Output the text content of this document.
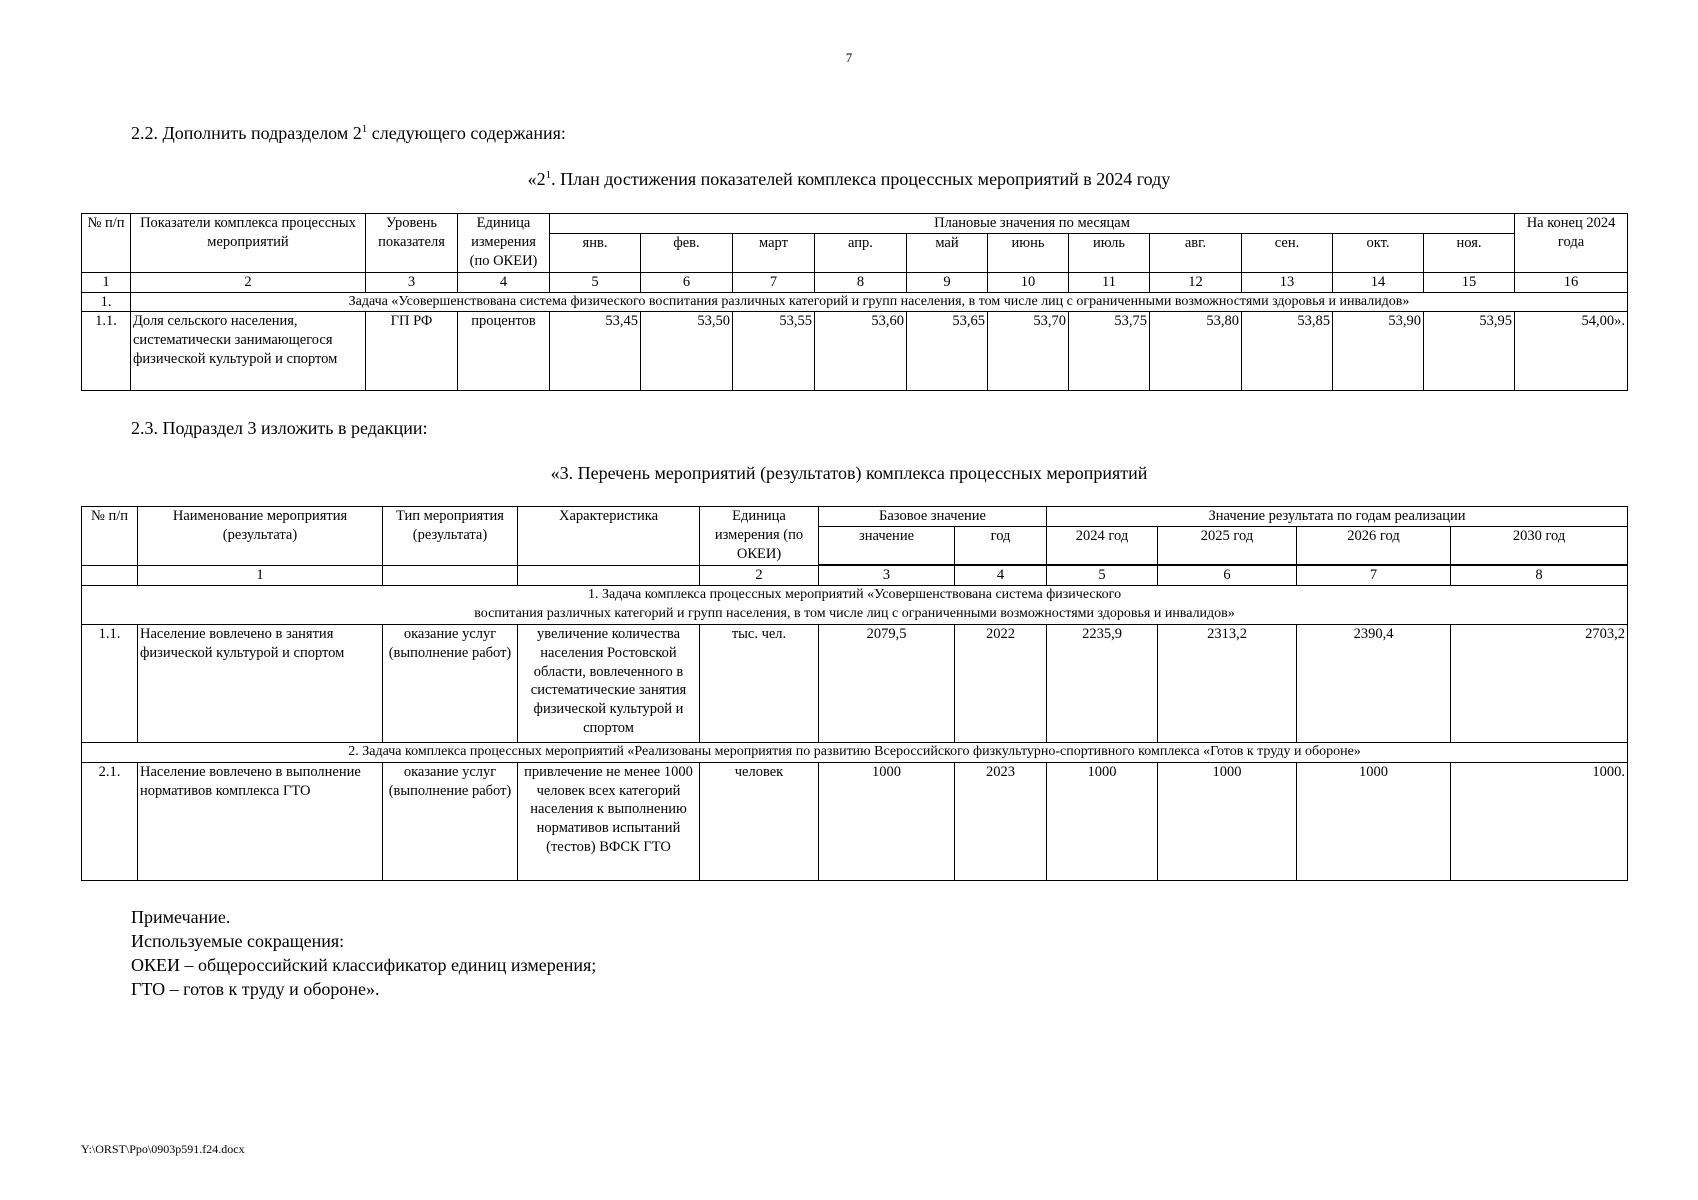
7
2.2. Дополнить подразделом $2^1$ следующего содержания:
«$2^1$. План достижения показателей комплекса процессных мероприятий в 2024 году
№ п/п	Показатели комплекса процессных мероприятий	Уровень показателя	Единица измерения (по ОКЕИ)	Плановые значения по месяцам											На конец 2024 года
				янв.	фев.	март	апр.	май	июнь	июль	авг.	сен.	окт.	ноя.	
1	2	3	4	5	6	7	8	9	10	11	12	13	14	15	16
1.	Задача «Усовершенствована система физического воспитания различных категорий и групп населения, в том числе лиц с ограниченными возможностями здоровья и инвалидов»														
1.1.	Доля сельского населения, систематически занимающегося физической культурой и спортом	ГП РФ	процентов	53,45	53,50	53,55	53,60	53,65	53,70	53,75	53,80	53,85	53,90	53,95	54,00».
2.3. Подраздел 3 изложить в редакции:
«3. Перечень мероприятий (результатов) комплекса процессных мероприятий
№ п/п	Наименование мероприятия (результата)	Тип мероприятия (результата)	Характеристика	Единица измерения (по ОКЕИ)	Базовое значение		Значение результата по годам реализации			
					значение	год	2024 год	2025 год	2026 год	2030 год
	1			2	3	4	5	6	7	8

1. Задача комплекса процессных мероприятий «Усовершенствована система физического
воспитания различных категорий и групп населения, в том числе лиц с ограниченными возможностями здоровья и инвалидов»										

1.1.	Население вовлечено в занятия физической культурой и спортом	оказание услуг (выполнение работ)	увеличение количества населения Ростовской области, вовлеченного в систематические занятия физической культурой и спортом	тыс. чел.	2079,5	2022	2235,9	2313,2	2390,4	2703,2
2. Задача комплекса процессных мероприятий «Реализованы мероприятия по развитию Всероссийского физкультурно-спортивного комплекса «Готов к труду и обороне»										
2.1.	Население вовлечено в выполнение нормативов комплекса ГТО	оказание услуг (выполнение работ)	привлечение не менее 1000 человек всех категорий населения к выполнению нормативов испытаний (тестов) ВФСК ГТО	человек	1000	2023	1000	1000	1000	1000.
Примечание.
Используемые сокращения:
ОКЕИ – общероссийский классификатор единиц измерения;
ГТО – готов к труду и обороне».
Y:\ORST\Ppo\0903p591.f24.docx
